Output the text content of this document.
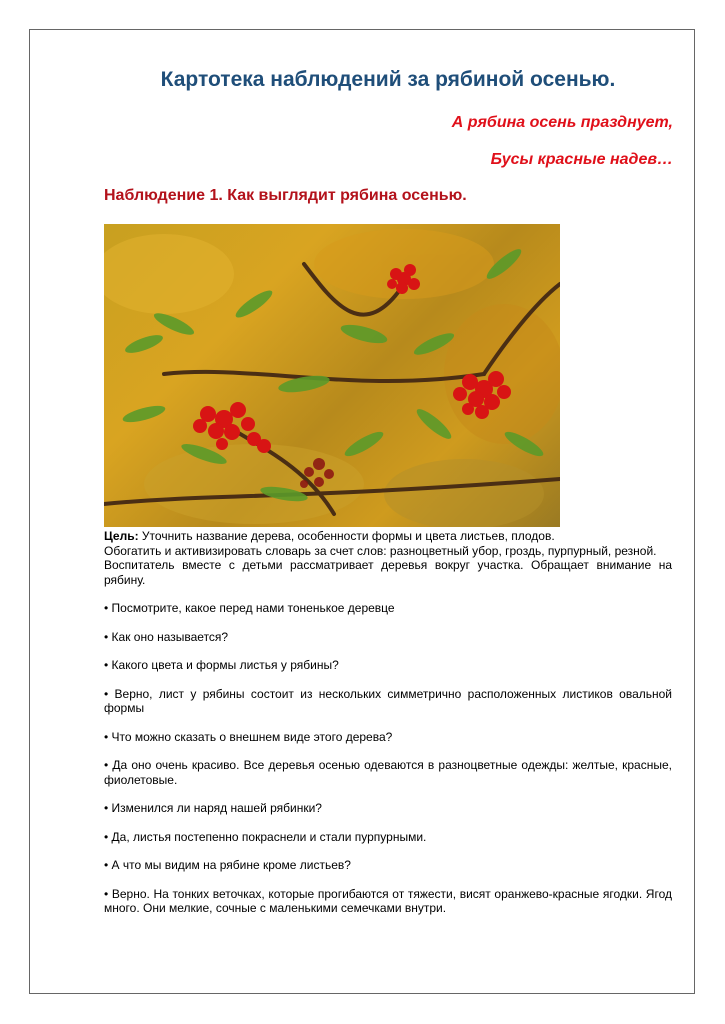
Картотека наблюдений за рябиной осенью.

А рябина осень празднует,

Бусы красные надев…

Наблюдение 1. Как выглядит рябина осенью.

Цель: Уточнить название дерева, особенности формы и цвета листьев, плодов.

Обогатить и активизировать словарь за счет слов: разноцветный убор, гроздь, пурпурный, резной.

Воспитатель вместе с детьми рассматривает деревья вокруг участка. Обращает внимание на рябину.

• Посмотрите, какое перед нами тоненькое деревце

• Как оно называется?

• Какого цвета и формы листья у рябины?

• Верно, лист у рябины состоит из нескольких симметрично расположенных листиков овальной формы

• Что можно сказать о внешнем виде этого дерева?

• Да оно очень красиво. Все деревья осенью одеваются в разноцветные одежды: желтые, красные, фиолетовые.

• Изменился ли наряд нашей рябинки?

• Да, листья постепенно покраснели и стали пурпурными.

• А что мы видим на рябине кроме листьев?

• Верно. На тонких веточках, которые прогибаются от тяжести, висят оранжево-красные ягодки. Ягод много. Они мелкие, сочные с маленькими семечками внутри.
